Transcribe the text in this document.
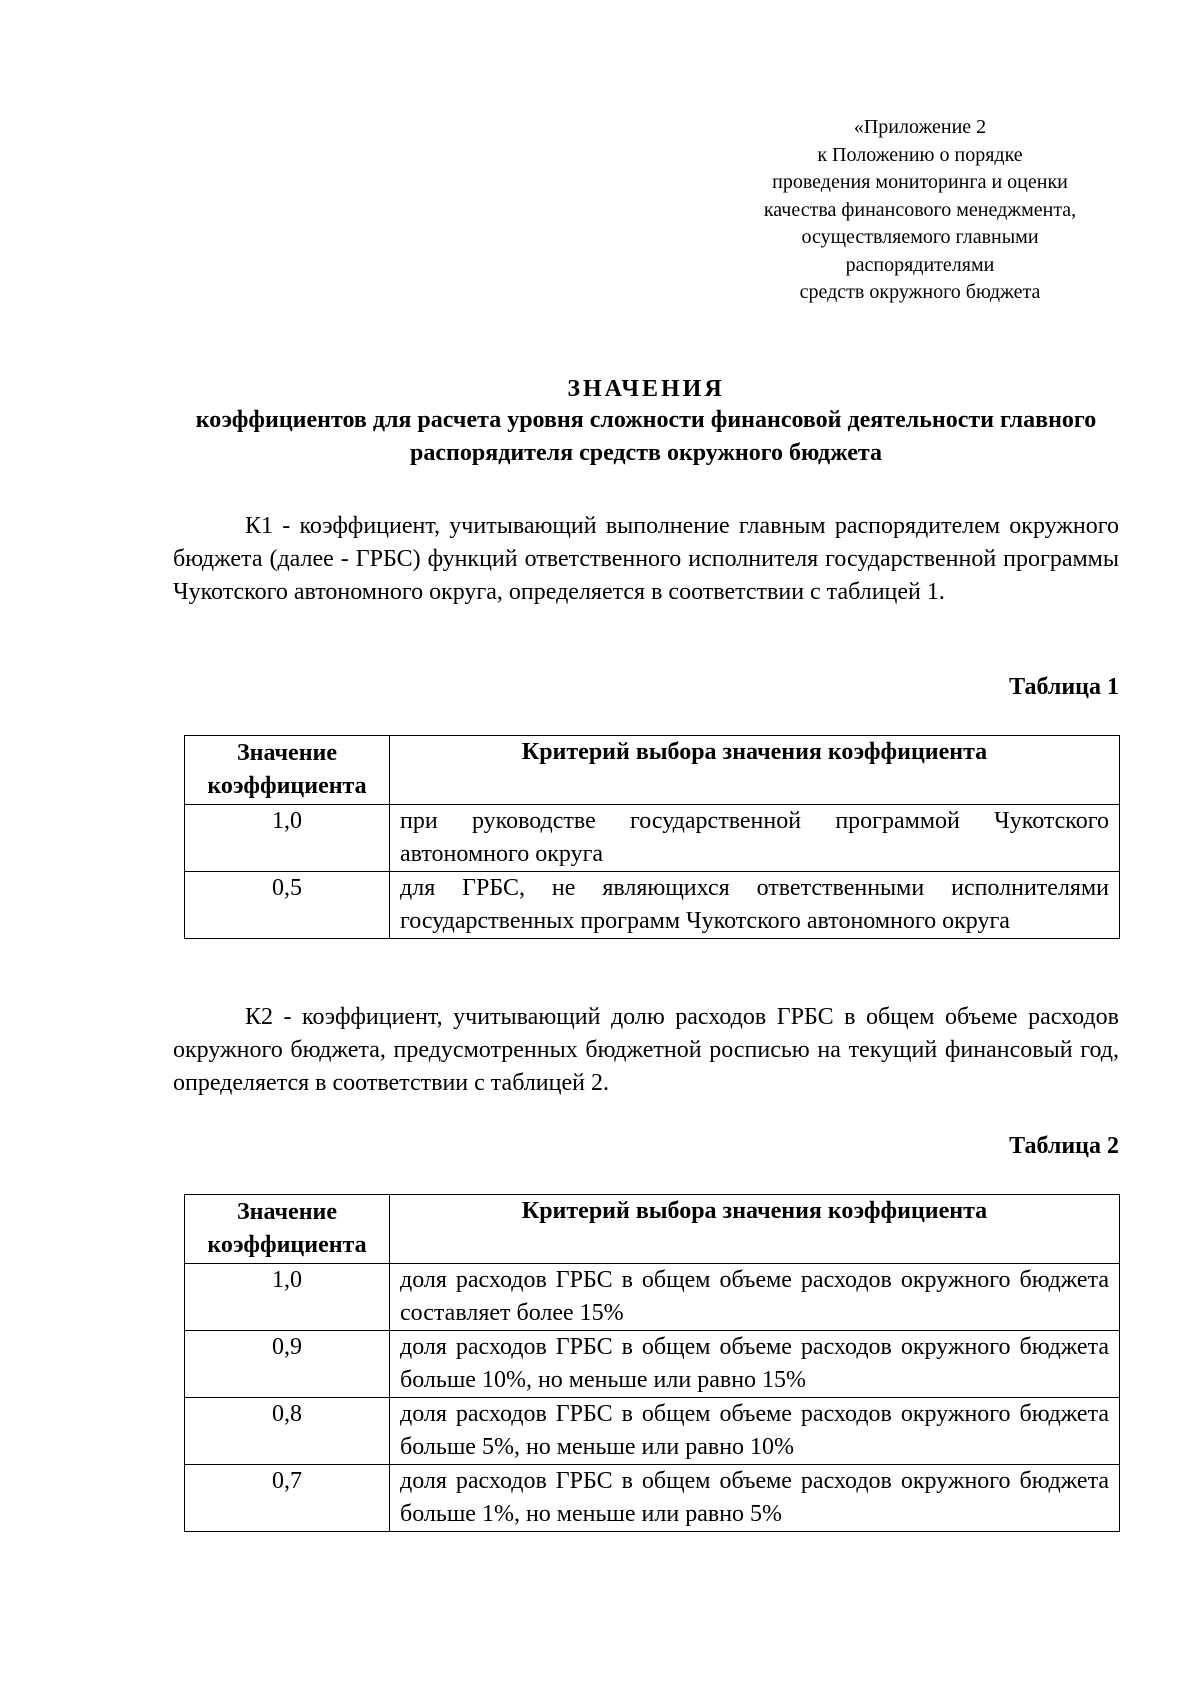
«Приложение 2
к Положению о порядке
проведения мониторинга и оценки
качества финансового менеджмента,
осуществляемого главными
распорядителями
средств окружного бюджета
ЗНАЧЕНИЯ
коэффициентов для расчета уровня сложности финансовой деятельности главного распорядителя средств окружного бюджета
К1 - коэффициент, учитывающий выполнение главным распорядителем окружного бюджета (далее - ГРБС) функций ответственного исполнителя государственной программы Чукотского автономного округа, определяется в соответствии с таблицей 1.
Таблица 1
Значение коэффициента	Критерий выбора значения коэффициента
1,0	при руководстве государственной программой Чукотского автономного округа
0,5	для ГРБС, не являющихся ответственными исполнителями государственных программ Чукотского автономного округа
К2 - коэффициент, учитывающий долю расходов ГРБС в общем объеме расходов окружного бюджета, предусмотренных бюджетной росписью на текущий финансовый год, определяется в соответствии с таблицей 2.
Таблица 2
Значение коэффициента	Критерий выбора значения коэффициента
1,0	доля расходов ГРБС в общем объеме расходов окружного бюджета составляет более 15%
0,9	доля расходов ГРБС в общем объеме расходов окружного бюджета больше 10%, но меньше или равно 15%
0,8	доля расходов ГРБС в общем объеме расходов окружного бюджета больше 5%, но меньше или равно 10%
0,7	доля расходов ГРБС в общем объеме расходов окружного бюджета больше 1%, но меньше или равно 5%
